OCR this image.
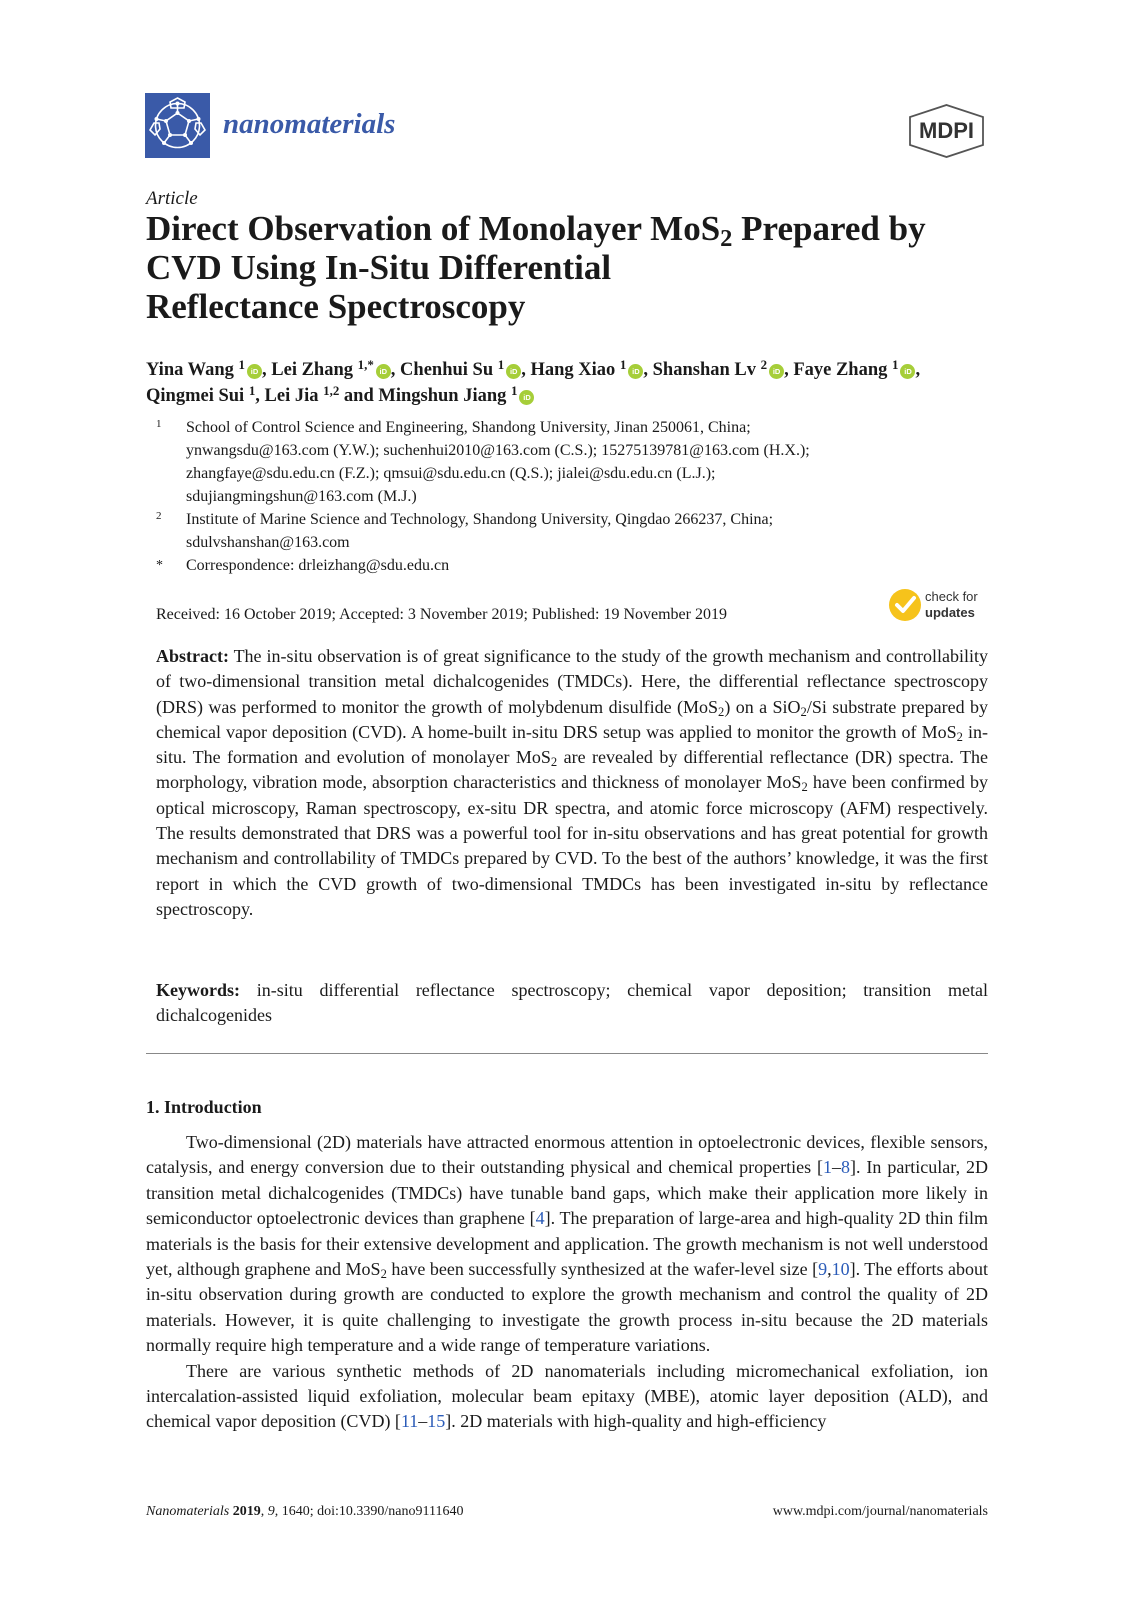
nanomaterials	MDPI
Article
Direct Observation of Monolayer MoS$_2$ Prepared by
CVD Using In-Situ Differential
Reflectance Spectroscopy
Yina Wang $^1$ iD , Lei Zhang $^{1,*}$ iD , Chenhui Su $^1$ iD , Hang Xiao $^1$ iD , Shanshan Lv $^2$ iD , Faye Zhang $^1$ iD ,
Qingmei Sui $^1$, Lei Jia $^{1,2}$ and Mingshun Jiang $^1$ iD
1 School of Control Science and Engineering, Shandong University, Jinan 250061, China;
ynwangsdu@163.com (Y.W.); suchenhui2010@163.com (C.S.); 15275139781@163.com (H.X.);
zhangfaye@sdu.edu.cn (F.Z.); qmsui@sdu.edu.cn (Q.S.); jialei@sdu.edu.cn (L.J.);
sdujiangmingshun@163.com (M.J.)
2 Institute of Marine Science and Technology, Shandong University, Qingdao 266237, China;
sdulvshanshan@163.com
* Correspondence: drleizhang@sdu.edu.cn
Received: 16 October 2019; Accepted: 3 November 2019; Published: 19 November 2019
check for
updates
Abstract: The in-situ observation is of great significance to the study of the growth mechanism and controllability of two-dimensional transition metal dichalcogenides (TMDCs). Here, the differential reflectance spectroscopy (DRS) was performed to monitor the growth of molybdenum disulfide (MoS$_2$) on a SiO$_2$/Si substrate prepared by chemical vapor deposition (CVD). A home-built in-situ DRS setup was applied to monitor the growth of MoS$_2$ in-situ. The formation and evolution of monolayer MoS$_2$ are revealed by differential reflectance (DR) spectra. The morphology, vibration mode, absorption characteristics and thickness of monolayer MoS$_2$ have been confirmed by optical microscopy, Raman spectroscopy, ex-situ DR spectra, and atomic force microscopy (AFM) respectively. The results demonstrated that DRS was a powerful tool for in-situ observations and has great potential for growth mechanism and controllability of TMDCs prepared by CVD. To the best of the authors’ knowledge, it was the first report in which the CVD growth of two-dimensional TMDCs has been investigated in-situ by reflectance spectroscopy.
Keywords: in-situ differential reflectance spectroscopy; chemical vapor deposition; transition metal dichalcogenides
1. Introduction

Two-dimensional (2D) materials have attracted enormous attention in optoelectronic devices, flexible sensors, catalysis, and energy conversion due to their outstanding physical and chemical properties [1–8]. In particular, 2D transition metal dichalcogenides (TMDCs) have tunable band gaps, which make their application more likely in semiconductor optoelectronic devices than graphene [4]. The preparation of large-area and high-quality 2D thin film materials is the basis for their extensive development and application. The growth mechanism is not well understood yet, although graphene and MoS$_2$ have been successfully synthesized at the wafer-level size [9,10]. The efforts about in-situ observation during growth are conducted to explore the growth mechanism and control the quality of 2D materials. However, it is quite challenging to investigate the growth process in-situ because the 2D materials normally require high temperature and a wide range of temperature variations.

There are various synthetic methods of 2D nanomaterials including micromechanical exfoliation, ion intercalation-assisted liquid exfoliation, molecular beam epitaxy (MBE), atomic layer deposition (ALD), and chemical vapor deposition (CVD) [11–15]. 2D materials with high-quality and high-efficiency

Nanomaterials 2019, 9, 1640; doi:10.3390/nano9111640	www.mdpi.com/journal/nanomaterials
